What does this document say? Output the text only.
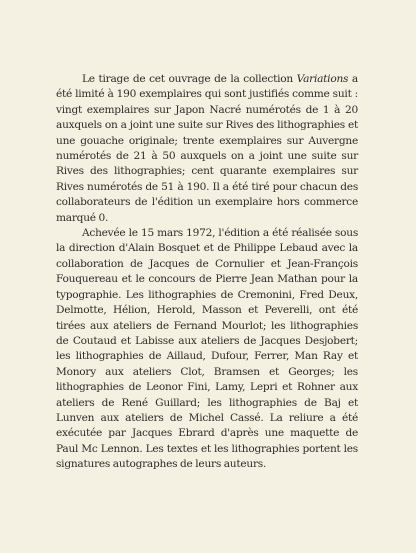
Le tirage de cet ouvrage de la collection Variations a été limité à 190 exemplaires qui sont justifiés comme suit : vingt exemplaires sur Japon Nacré numérotés de 1 à 20 auxquels on a joint une suite sur Rives des lithographies et une gouache originale; trente exemplaires sur Auvergne numérotés de 21 à 50 auxquels on a joint une suite sur Rives des lithographies; cent quarante exemplaires sur Rives numérotés de 51 à 190. Il a été tiré pour chacun des collaborateurs de l'édition un exemplaire hors commerce marqué 0.

Achevée le 15 mars 1972, l'édition a été réalisée sous la direction d'Alain Bosquet et de Philippe Lebaud avec la collaboration de Jacques de Cornulier et Jean-François Fouquereau et le concours de Pierre Jean Mathan pour la typographie. Les lithographies de Cremonini, Fred Deux, Delmotte, Hélion, Herold, Masson et Peverelli, ont été tirées aux ateliers de Fernand Mourlot; les lithographies de Coutaud et Labisse aux ateliers de Jacques Desjobert; les lithographies de Aillaud, Dufour, Ferrer, Man Ray et Monory aux ateliers Clot, Bramsen et Georges; les lithographies de Leonor Fini, Lamy, Lepri et Rohner aux ateliers de René Guillard; les lithographies de Baj et Lunven aux ateliers de Michel Cassé. La reliure a été exécutée par Jacques Ebrard d'après une maquette de Paul Mc Lennon. Les textes et les lithographies portent les signatures autographes de leurs auteurs.
